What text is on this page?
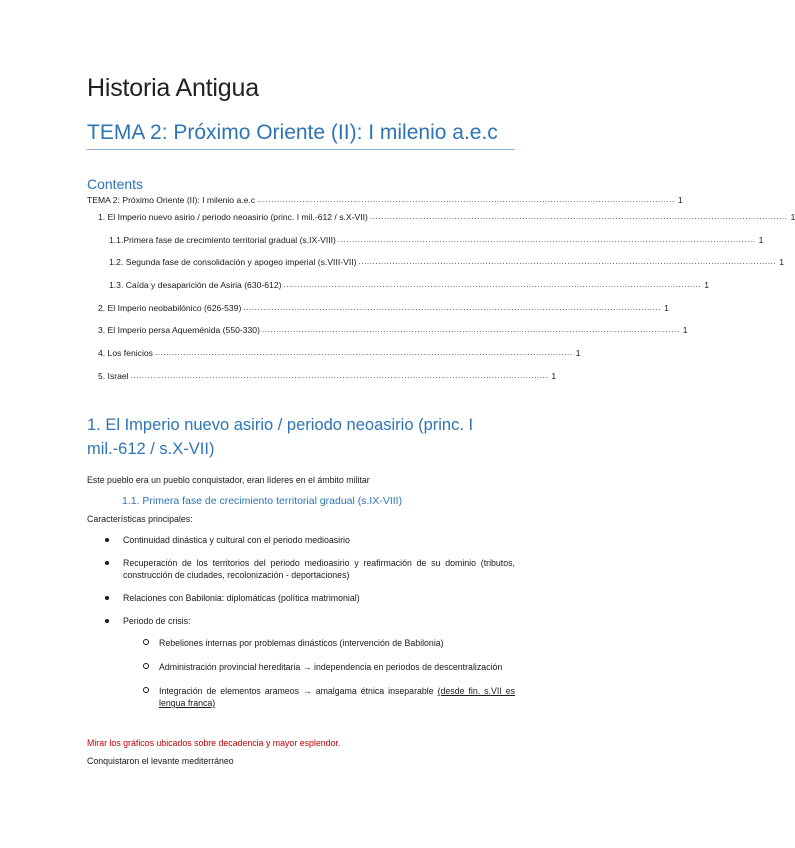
Historia Antigua
TEMA 2: Próximo Oriente (II): I milenio a.e.c
Contents
TEMA 2: Próximo Oriente (II): I milenio a.e.c .................................................................................................................................................... 1
1. El Imperio nuevo asirio / periodo neoasirio (princ. I mil.-612 / s.X-VII) .................................................................................................................................................... 1
1.1.Primera fase de crecimiento territorial gradual (s.IX-VIII) .................................................................................................................................................... 1
1.2. Segunda fase de consolidación y apogeo imperial (s.VIII-VII) .................................................................................................................................................... 1
1.3. Caída y desaparición de Asiria (630-612) .................................................................................................................................................... 1
2. El Imperio neobabilónico (626-539) .................................................................................................................................................... 1
3. El Imperio persa Aqueménida (550-330) .................................................................................................................................................... 1
4. Los fenicios .................................................................................................................................................... 1
5. Israel .................................................................................................................................................... 1
1. El Imperio nuevo asirio / periodo neoasirio (princ. I mil.-612 / s.X-VII)
Este pueblo era un pueblo conquistador, eran líderes en el ámbito militar
1.1. Primera fase de crecimiento territorial gradual (s.IX-VIII)
Características principales:
Continuidad dinástica y cultural con el periodo medioasirio
Recuperación de los territorios del periodo medioasirio y reafirmación de su dominio (tributos, construcción de ciudades, recolonización - deportaciones)
Relaciones con Babilonia: diplomáticas (política matrimonial)
Periodo de crisis:
Rebeliones internas por problemas dinásticos (intervención de Babilonia)
Administración provincial hereditaria → independencia en periodos de descentralización
Integración de elementos arameos → amalgama étnica inseparable (desde fin. s.VII es lengua franca)
Mirar los gráficos ubicados sobre decadencia y mayor esplendor.
Conquistaron el levante mediterráneo
